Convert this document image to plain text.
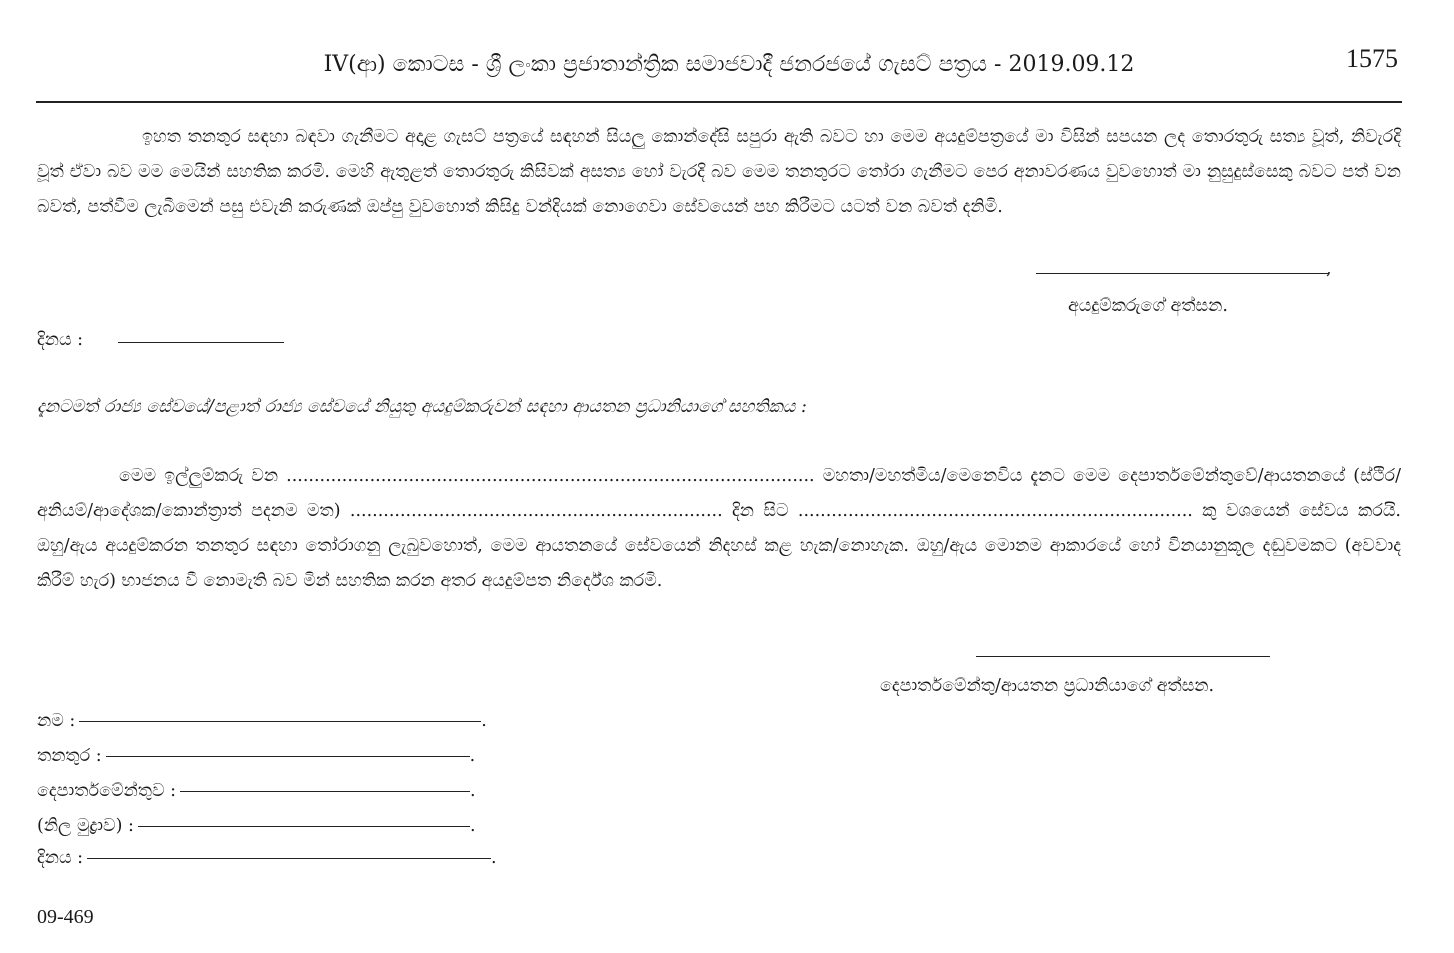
IV(ආ) කොටස - ශ්‍රී ලංකා ප්‍රජාතාන්ත්‍රික සමාජවාදී ජනරජයේ ගැසට් පත්‍රය - 2019.09.12	1575
ඉහත තනතුර සඳහා බඳවා ගැනීමට අදාළ ගැසට් පත්‍රයේ සඳහන් සියලු කොන්දේසි සපුරා ඇති බවට හා මෙම අයදුම්පත්‍රයේ මා විසින් සපයන ලද තොරතුරු සත්‍ය වූත්, නිවැරදි වූත් ඒවා බව මම මෙයින් සහතික කරමි. මෙහි ඇතුළත් තොරතුරු කිසිවක් අසත්‍ය හෝ වැරදි බව මෙම තනතුරට තෝරා ගැනීමට පෙර අනාවරණය වුවහොත් මා නුසුදුස්සෙකු බවට පත් වන බවත්, පත්වීම ලැබීමෙන් පසු එවැනි කරුණක් ඔප්පු වුවහොත් කිසිදු වන්දියක් නොගෙවා සේවයෙන් පහ කිරීමට යටත් වන බවත් දනිමි.
,
අයදුම්කරුගේ අත්සන.
දිනය :
දැනටමත් රාජ්‍ය සේවයේ/පළාත් රාජ්‍ය සේවයේ නියුතු අයදුම්කරුවන් සඳහා ආයතන ප්‍රධානියාගේ සහතිකය :
මෙම ඉල්ලුම්කරු වන ............................................................................................... මහතා/මහත්මිය/මෙනෙවිය දැනට මෙම දෙපාර්තමේන්තුවේ/ආයතනයේ (ස්ථිර/අනියම්/ආදේශක/කොන්ත්‍රාත් පදනම මත) ................................................................... දින සිට ....................................................................... කු වශයෙන් සේවය කරයි. ඔහු/ඇය අයදුම්කරන තනතුර සඳහා තෝරාගනු ලැබුවහොත්, මෙම ආයතනයේ සේවයෙන් නිදහස් කළ හැක/නොහැක. ඔහු/ඇය මොනම ආකාරයේ හෝ විනයානුකූල දඬුවමකට (අවවාද කිරීම් හැර) භාජනය වී නොමැති බව මින් සහතික කරන අතර අයදුම්පත නිර්දේශ කරමි.
දෙපාර්තමේන්තු/ආයතන ප්‍රධානියාගේ අත්සන.
නම :	.
තනතුර :	.
දෙපාර්තමේන්තුව :	.
(නිල මුද්‍රාව) :	.
දිනය :	.
09-469
